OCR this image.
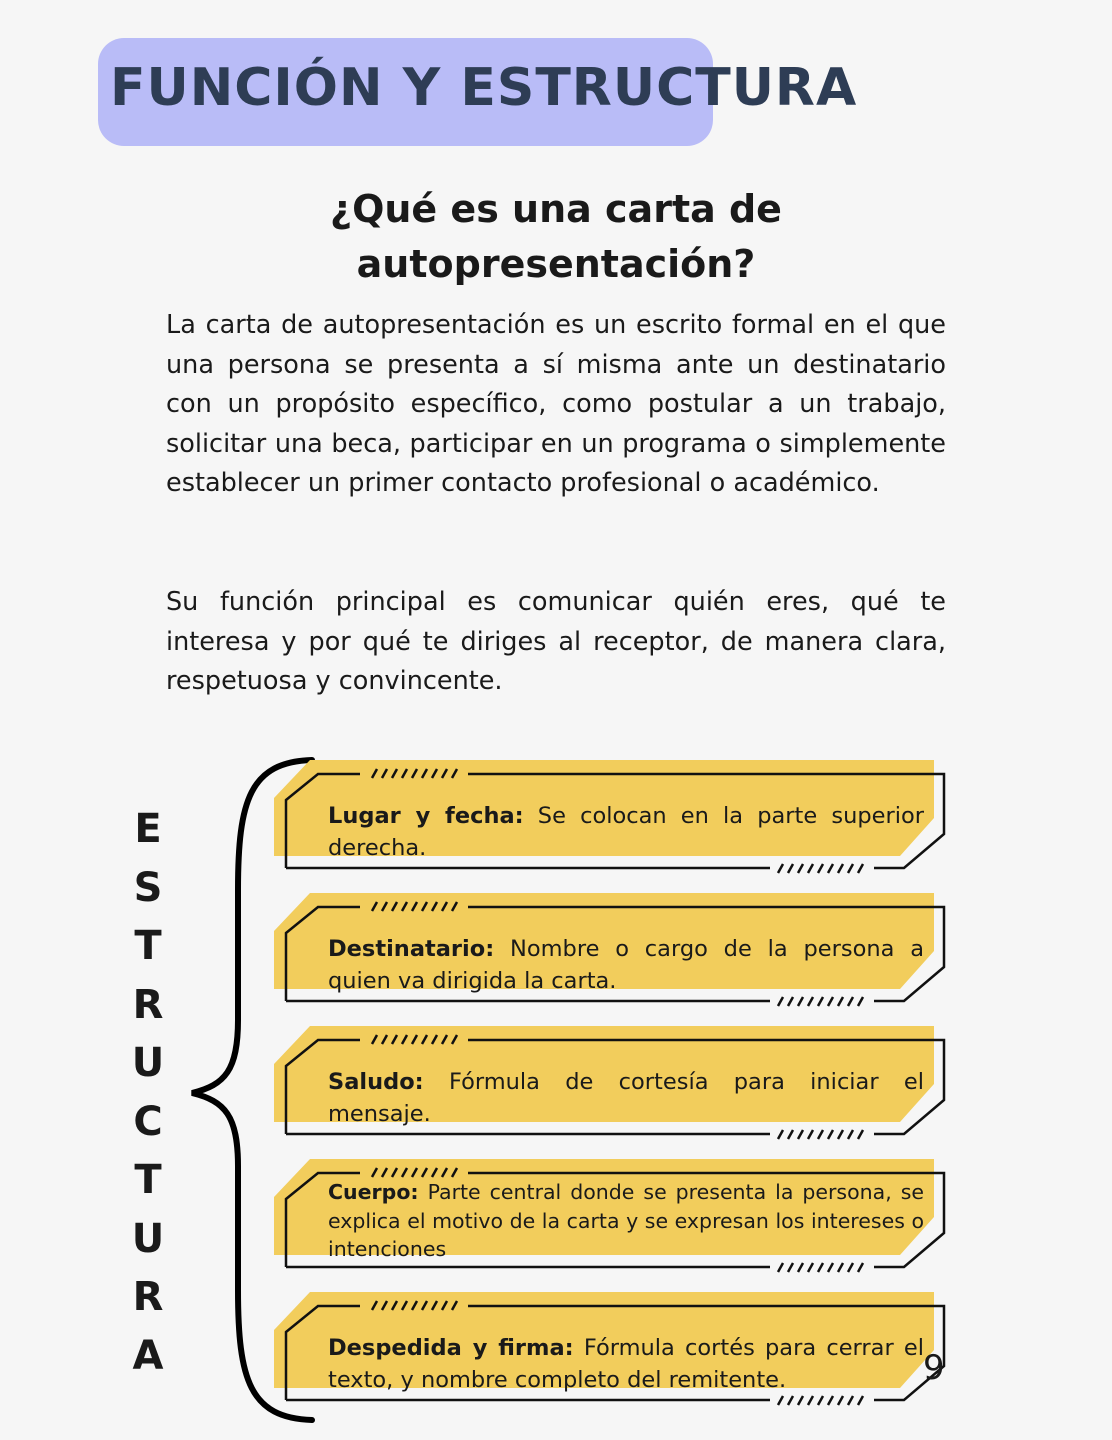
FUNCIÓN Y ESTRUCTURA
¿Qué es una carta de
autopresentación?

La carta de autopresentación es un escrito formal en el que una persona se presenta a sí misma ante un destinatario con un propósito específico, como postular a un trabajo, solicitar una beca, participar en un programa o simplemente establecer un primer contacto profesional o académico.

Su función principal es comunicar quién eres, qué te interesa y por qué te diriges al receptor, de manera clara, respetuosa y convincente.

E
S
T
R
U
C
T
U
R
A

Lugar y fecha: Se colocan en la parte superior derecha.

Destinatario: Nombre o cargo de la persona a quien va dirigida la carta.

Saludo: Fórmula de cortesía para iniciar el mensaje.

Cuerpo: Parte central donde se presenta la persona, se explica el motivo de la carta y se expresan los intereses o intenciones

Despedida y firma: Fórmula cortés para cerrar el texto, y nombre completo del remitente.	9
